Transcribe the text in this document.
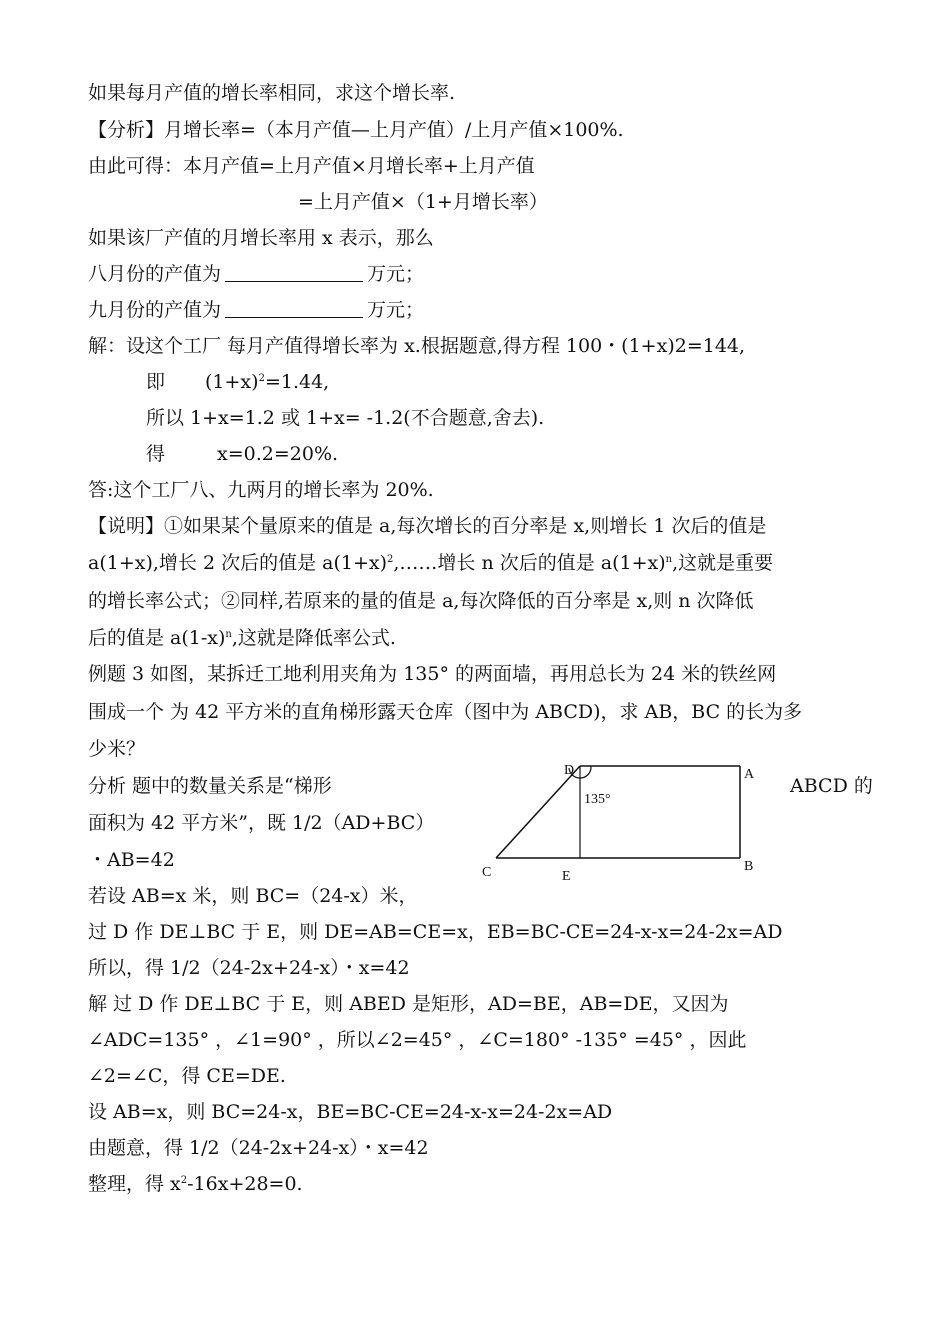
如果每月产值的增长率相同，求这个增长率.
【分析】月增长率=（本月产值—上月产值）/上月产值×100%.
由此可得：本月产值=上月产值×月增长率+上月产值
=上月产值×（1+月增长率）
如果该厂产值的月增长率用 x 表示，那么
八月份的产值为	万元；
九月份的产值为	万元；
解：设这个工厂 每月产值得增长率为 x.根据题意,得方程 100・(1+x)2=144,
即 $(1+x)^2=1.44$,
所以 1+x=1.2 或 1+x= -1.2(不合题意,舍去).
得	x=0.2=20%.
答:这个工厂八、九两月的增长率为 20%.
【说明】①如果某个量原来的值是 a,每次增长的百分率是 x,则增长 1 次后的值是
a(1+x),增长 2 次后的值是 $a(1+x)^2,\dots\dots$增长 n 次后的值是 $a(1+x)^n$,这就是重要
的增长率公式；②同样,若原来的量的值是 a,每次降低的百分率是 x,则 n 次降低
后的值是 $a(1-x)^n$,这就是降低率公式.
例题 3 如图，某拆迁工地利用夹角为 135° 的两面墙，再用总长为 24 米的铁丝网
围成一个 为 42 平方米的直角梯形露天仓库（图中为 ABCD)，求 AB，BC 的长为多
少米？
分析 题中的数量关系是“梯形	ABCD 的
面积为 42 平方米”，既 1/2（AD+BC）
・AB=42
若设 AB=x 米，则 BC=（24-x）米，
过 D 作 DE⊥BC 于 E，则 DE=AB=CE=x，EB=BC-CE=24-x-x=24-2x=AD
所以，得 1/2（24-2x+24-x）・x=42
解 过 D 作 DE⊥BC 于 E，则 ABED 是矩形，AD=BE，AB=DE，又因为
∠ADC=135° ，∠1=90° ，所以∠2=45° ，∠C=180° -135° =45° ，因此
∠2=∠C，得 CE=DE.
设 AB=x，则 BC=24-x，BE=BC-CE=24-x-x=24-2x=AD
由题意，得 1/2（24-2x+24-x）・x=42
整理，得 $x^2-16x+28=0$.
D	A
B
C	E
135°
